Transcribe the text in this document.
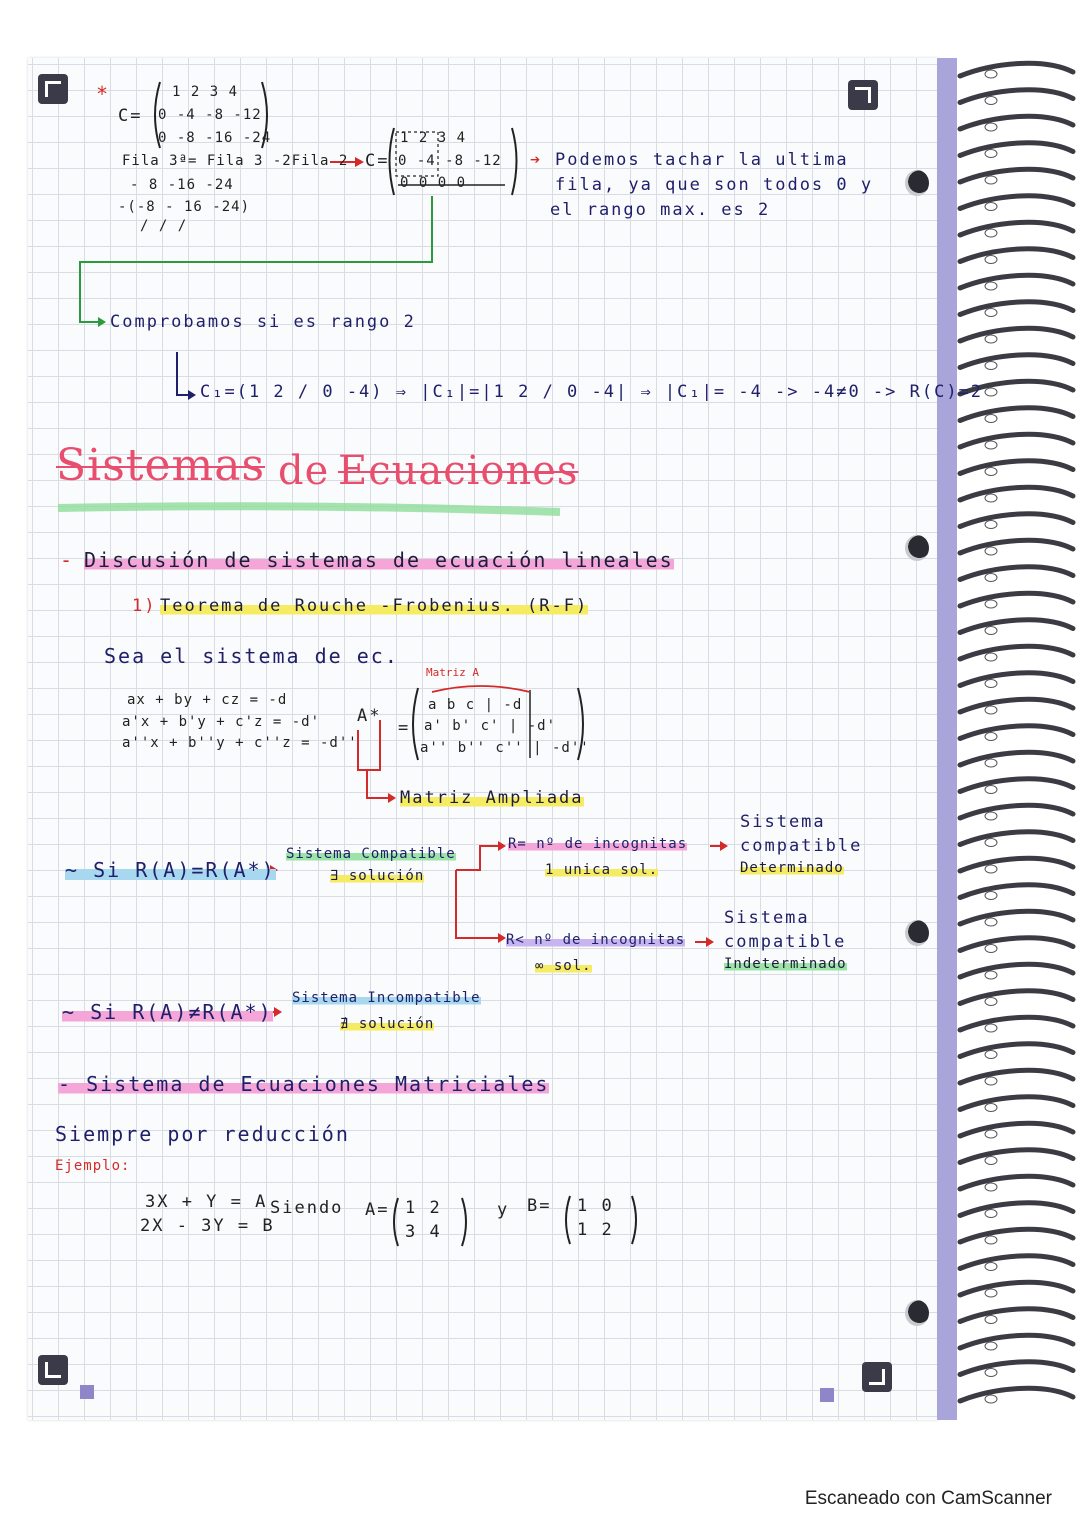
*
C=
1 2 3 4
0 -4 -8 -12
0 -8 -16 -24
Fila 3ª= Fila 3 -2Fila 2
- 8 -16 -24
-(-8 - 16 -24)
/ / /
C=
1 2 3 4
0 -4 -8 -12
0 0 0 0
➔ Podemos tachar la ultima
fila, ya que son todos 0 y
el rango max. es 2
Comprobamos si es rango 2
C₁=(1 2 / 0 -4) ⇒ |C₁|=|1 2 / 0 -4| ⇒ |C₁|= -4 -> -4≠0 -> R(C)=2
Sistemas de Ecuaciones
- Discusión de sistemas de ecuación lineales
1) Teorema de Rouche -Frobenius. (R-F)
Sea el sistema de ec.
ax + by + cz = -d
a'x + b'y + c'z = -d'
a''x + b''y + c''z = -d''
A*
=
Matriz A
a b c | -d
a' b' c' | -d'
a'' b'' c'' | -d''
Matriz Ampliada
~ Si R(A)=R(A*)
Sistema Compatible
∃ solución
R= nº de incognitas
1 unica sol.
Sistema
compatible
Determinado
R< nº de incognitas
∞ sol.
Sistema
compatible
Indeterminado
~ Si R(A)≠R(A*)
Sistema Incompatible
∄ solución
- Sistema de Ecuaciones Matriciales
Siempre por reducción
Ejemplo:
3X + Y = A
2X - 3Y = B
Siendo A= 1 2
3 4
y B= 1 0
1 2
Escaneado con CamScanner
